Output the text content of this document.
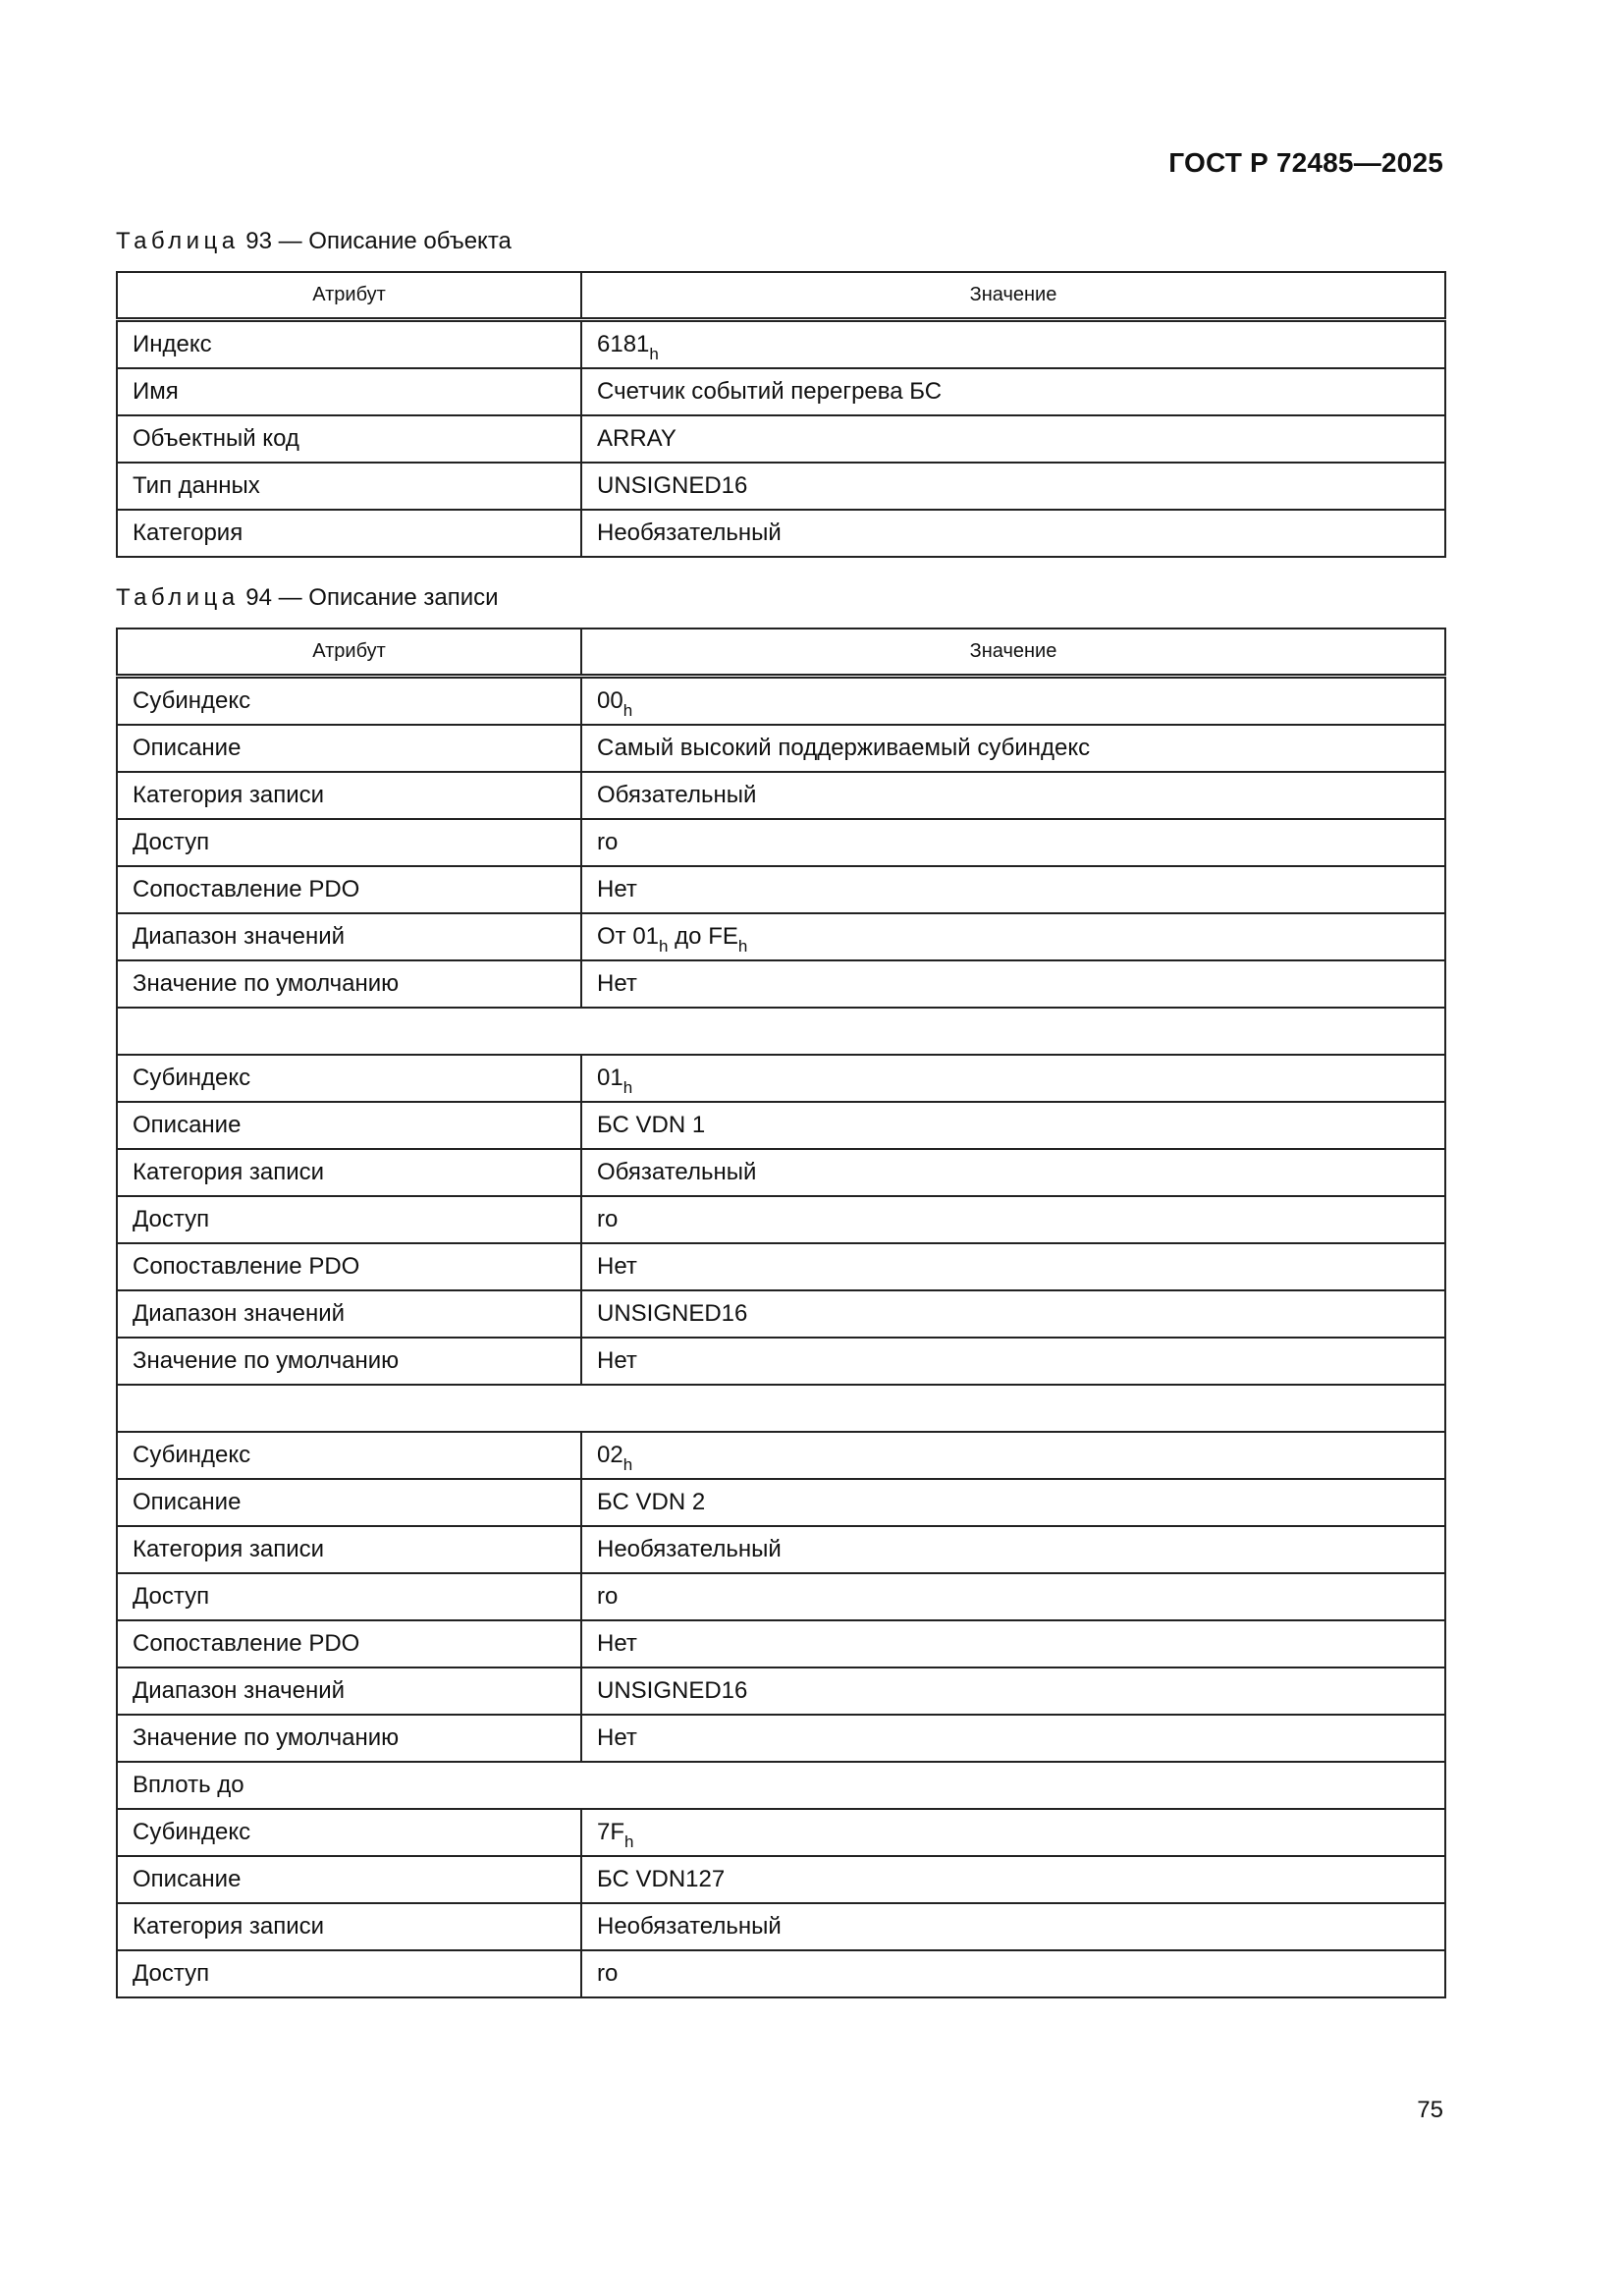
ГОСТ Р 72485—2025
Таблица 93 — Описание объекта
Атрибут	Значение
Индекс	$6181_h$
Имя	Счетчик событий перегрева БС
Объектный код	ARRAY
Тип данных	UNSIGNED16
Категория	Необязательный
Таблица 94 — Описание записи
Атрибут	Значение
Субиндекс	$00_h$
Описание	Самый высокий поддерживаемый субиндекс
Категория записи	Обязательный
Доступ	ro
Сопоставление PDO	Нет
Диапазон значений	От $01_h$ до $FE_h$
Значение по умолчанию	Нет

Субиндекс	$01_h$
Описание	БС VDN 1
Категория записи	Обязательный
Доступ	ro
Сопоставление PDO	Нет
Диапазон значений	UNSIGNED16
Значение по умолчанию	Нет

Субиндекс	$02_h$
Описание	БС VDN 2
Категория записи	Необязательный
Доступ	ro
Сопоставление PDO	Нет
Диапазон значений	UNSIGNED16
Значение по умолчанию	Нет
Вплоть до	
Субиндекс	$7F_h$
Описание	БС VDN127
Категория записи	Необязательный
Доступ	ro
75
